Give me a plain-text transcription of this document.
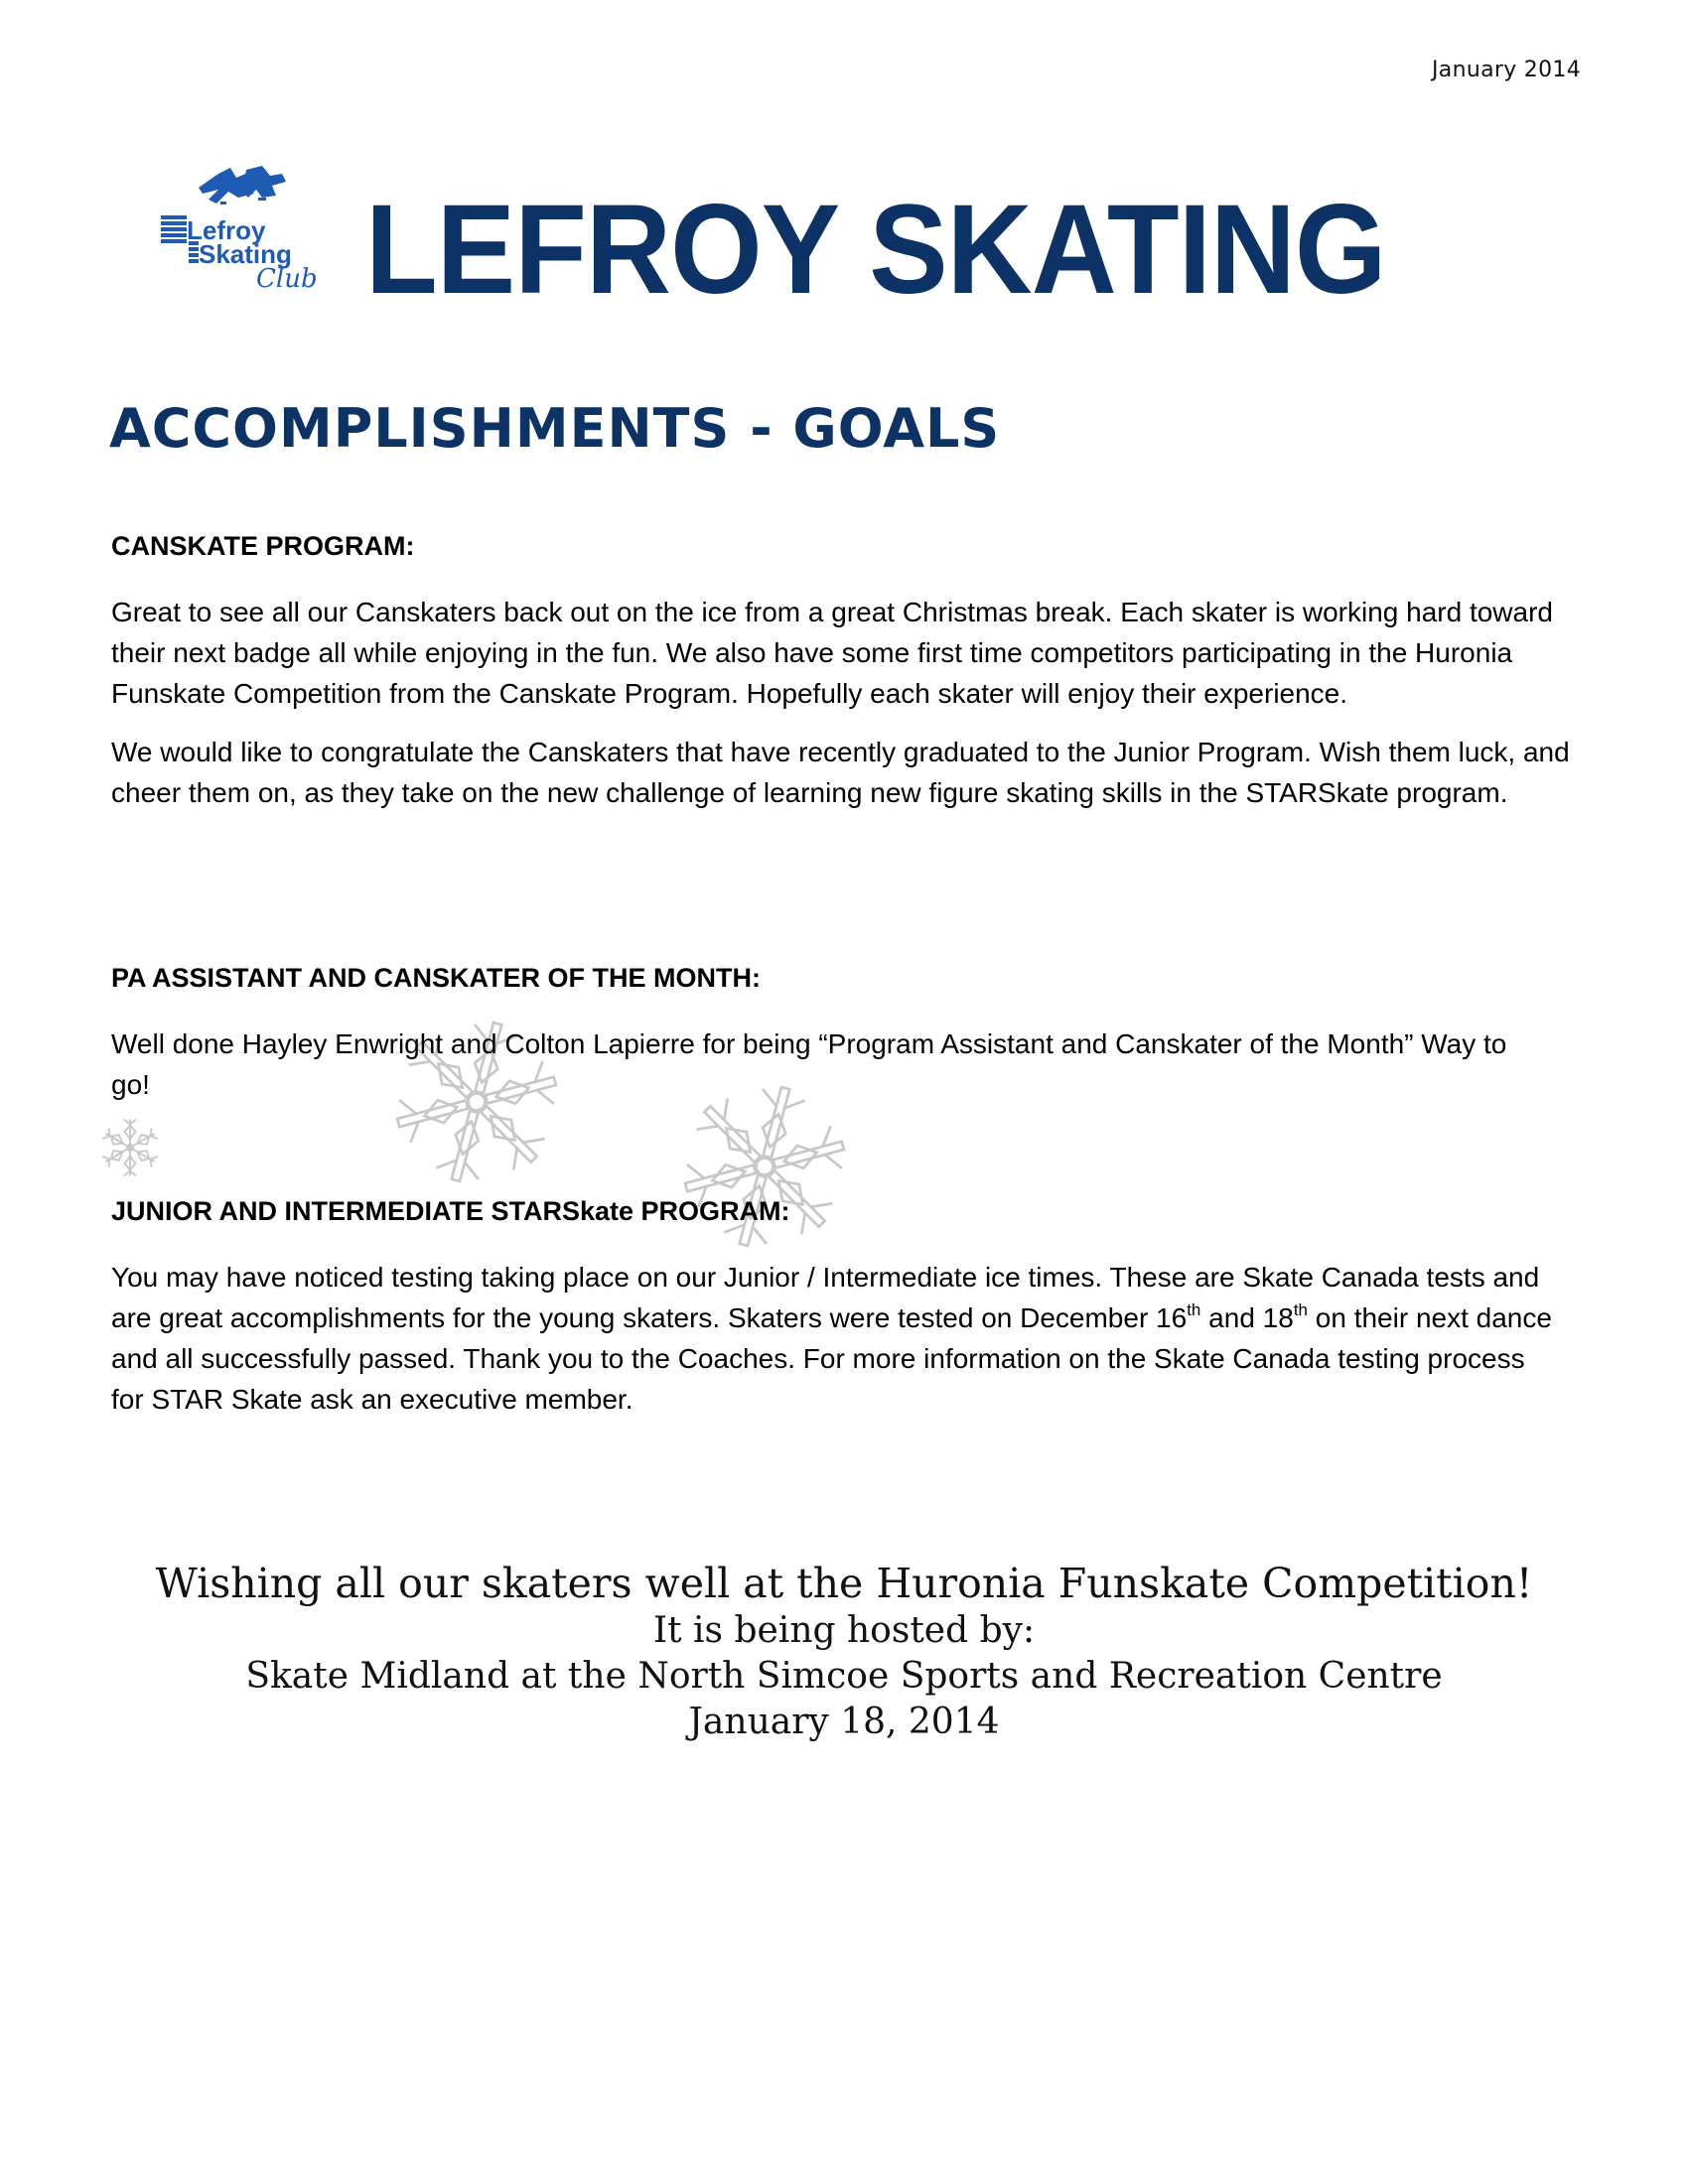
January 2014
Lefroy
Skating
Club LEFROY SKATING
ACCOMPLISHMENTS - GOALS
CANSKATE PROGRAM:

Great to see all our Canskaters back out on the ice from a great Christmas break. Each skater is working hard toward their next badge all while enjoying in the fun. We also have some first time competitors participating in the Huronia Funskate Competition from the Canskate Program. Hopefully each skater will enjoy their experience.

We would like to congratulate the Canskaters that have recently graduated to the Junior Program. Wish them luck, and cheer them on, as they take on the new challenge of learning new figure skating skills in the STARSkate program.

PA ASSISTANT AND CANSKATER OF THE MONTH:

Well done Hayley Enwright and Colton Lapierre for being “Program Assistant and Canskater of the Month” Way to go!

JUNIOR AND INTERMEDIATE STARSkate PROGRAM:

You may have noticed testing taking place on our Junior / Intermediate ice times. These are Skate Canada tests and are great accomplishments for the young skaters. Skaters were tested on December 16th and 18th on their next dance and all successfully passed. Thank you to the Coaches. For more information on the Skate Canada testing process for STAR Skate ask an executive member.

Wishing all our skaters well at the Huronia Funskate Competition!
It is being hosted by:
Skate Midland at the North Simcoe Sports and Recreation Centre
January 18, 2014
